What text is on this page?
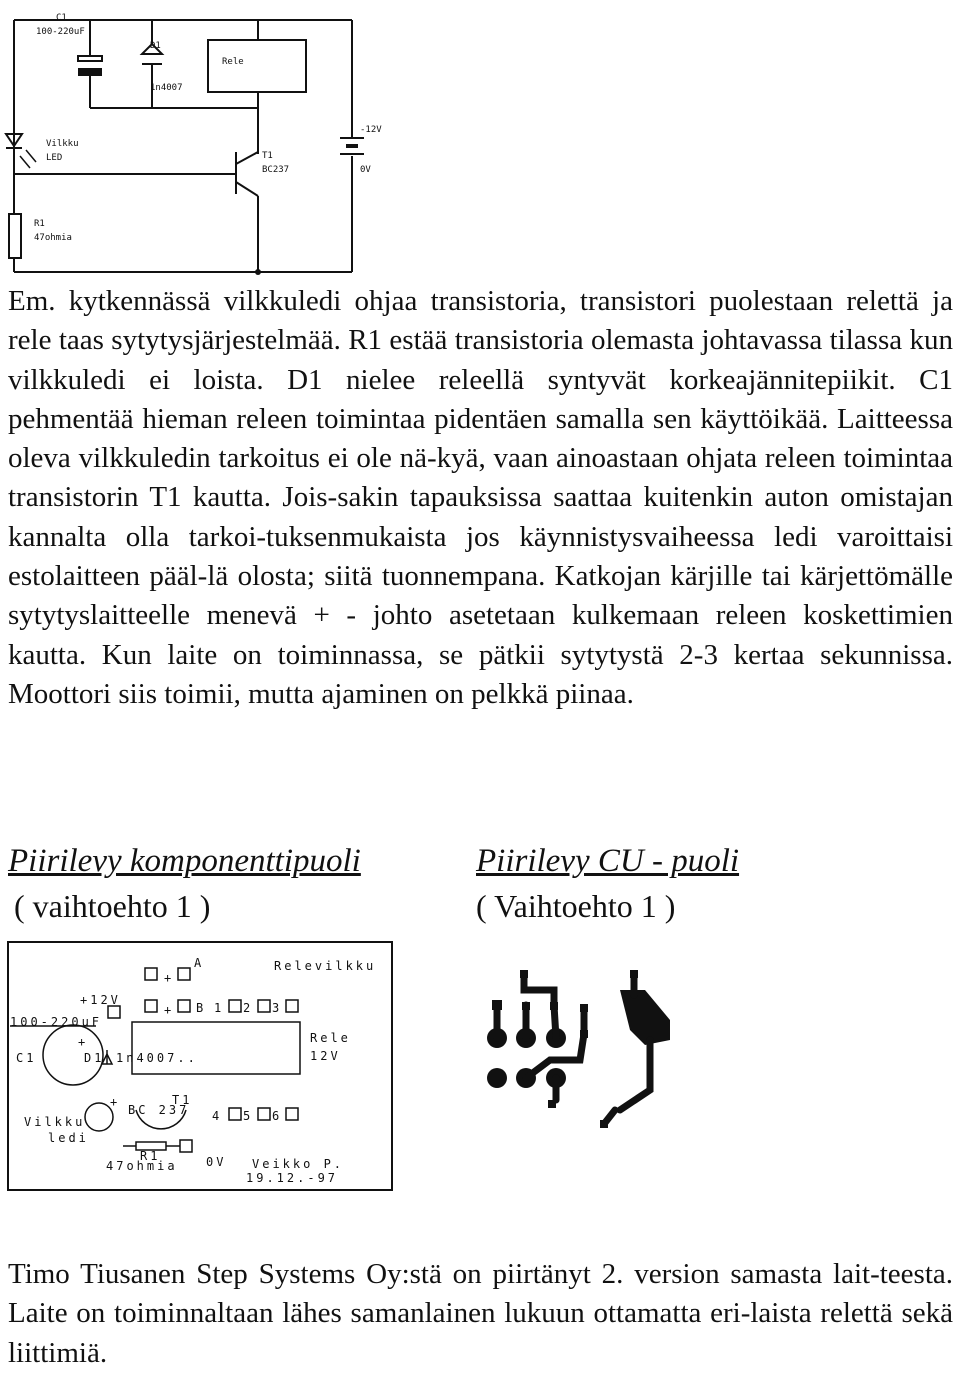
C1
100-220uF
D1
1n4007
Rele
Vilkku
LED	T1
BC237
R1
47ohmia
-12V
0V

Em. kytkennässä vilkkuledi ohjaa transistoria, transistori puolestaan relettä ja rele taas sytytysjärjestelmää. R1 estää transistoria olemasta johtavassa tilassa kun vilkkuledi ei loista. D1 nielee releellä syntyvät korkeajännitepiikit. C1 pehmentää hieman releen toimintaa pidentäen samalla sen käyttöikää. Laitteessa oleva vilkkuledin tarkoitus ei ole nä-kyä, vaan ainoastaan ohjata releen toimintaa transistorin T1 kautta. Jois-sakin tapauksissa saattaa kuitenkin auton omistajan kannalta olla tarkoi-tuksenmukaista jos käynnistysvaiheessa ledi varoittaisi estolaitteen pääl-lä olosta; siitä tuonnempana. Katkojan kärjille tai kärjettömälle sytytyslaitteelle menevä + - johto asetetaan kulkemaan releen koskettimien kautta. Kun laite on toiminnassa, se pätkii sytytystä 2-3 kertaa sekunnissa. Moottori siis toimii, mutta ajaminen on pelkkä piinaa.

Piirilevy komponenttipuoli
( vaihtoehto 1 )
Piirilevy CU - puoli
( Vaihtoehto 1 )
A	Relevilkku
+
+12V
+ B 1 2 3
100-220uF
Rele
+
C1	D1 1n4007..	12V
+	T1
BC 237 4 5 6
Vilkku
ledi
R1
47ohmia 0V Veikko P.
19.12.-97

Timo Tiusanen Step Systems Oy:stä on piirtänyt 2. version samasta lait-teesta. Laite on toiminnaltaan lähes samanlainen lukuun ottamatta eri-laista relettä sekä liittimiä.
